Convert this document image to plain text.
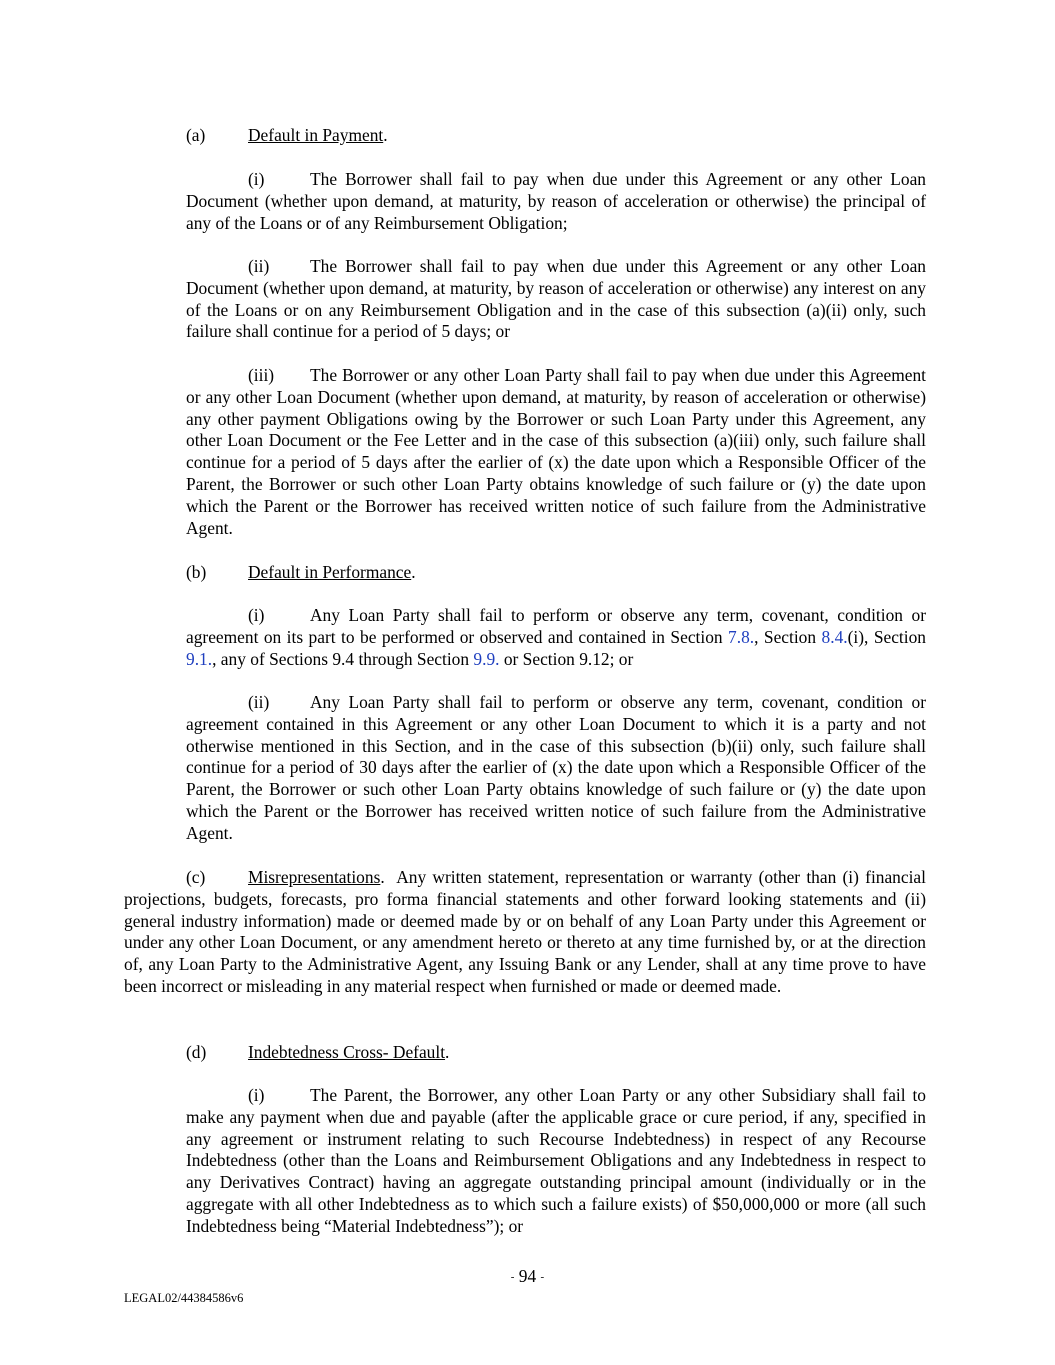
(a) Default in Payment.

(i)	The Borrower shall fail to pay when due under this Agreement or any other Loan Document (whether upon demand, at maturity, by reason of acceleration or otherwise) the principal of any of the Loans or of any Reimbursement Obligation;

(ii) The Borrower shall fail to pay when due under this Agreement or any other Loan Document (whether upon demand, at maturity, by reason of acceleration or otherwise) any interest on any of the Loans or on any Reimbursement Obligation and in the case of this subsection (a)(ii) only, such failure shall continue for a period of 5 days; or

(iii) The Borrower or any other Loan Party shall fail to pay when due under this Agreement or any other Loan Document (whether upon demand, at maturity, by reason of acceleration or otherwise) any other payment Obligations owing by the Borrower or such Loan Party under this Agreement, any other Loan Document or the Fee Letter and in the case of this subsection (a)(iii) only, such failure shall continue for a period of 5 days after the earlier of (x) the date upon which a Responsible Officer of the Parent, the Borrower or such other Loan Party obtains knowledge of such failure or (y) the date upon which the Parent or the Borrower has received written notice of such failure from the Administrative Agent.

(b) Default in Performance.

(i)	Any Loan Party shall fail to perform or observe any term, covenant, condition or agreement on its part to be performed or observed and contained in Section 7.8., Section 8.4.(i), Section 9.1., any of Sections 9.4 through Section 9.9. or Section 9.12; or

(ii) Any Loan Party shall fail to perform or observe any term, covenant, condition or agreement contained in this Agreement or any other Loan Document to which it is a party and not otherwise mentioned in this Section, and in the case of this subsection (b)(ii) only, such failure shall continue for a period of 30 days after the earlier of (x) the date upon which a Responsible Officer of the Parent, the Borrower or such other Loan Party obtains knowledge of such failure or (y) the date upon which the Parent or the Borrower has received written notice of such failure from the Administrative Agent.

(c) Misrepresentations.  Any written statement, representation or warranty (other than (i) financial projections, budgets, forecasts, pro forma financial statements and other forward looking statements and (ii) general industry information) made or deemed made by or on behalf of any Loan Party under this Agreement or under any other Loan Document, or any amendment hereto or thereto at any time furnished by, or at the direction of, any Loan Party to the Administrative Agent, any Issuing Bank or any Lender, shall at any time prove to have been incorrect or misleading in any material respect when furnished or made or deemed made.

(d) Indebtedness Cross- Default.

(i)	The Parent, the Borrower, any other Loan Party or any other Subsidiary shall fail to make any payment when due and payable (after the applicable grace or cure period, if any, specified in any agreement or instrument relating to such Recourse Indebtedness) in respect of any Recourse Indebtedness (other than the Loans and Reimbursement Obligations and any Indebtedness in respect to any Derivatives Contract) having an aggregate outstanding principal amount (individually or in the aggregate with all other Indebtedness as to which such a failure exists) of $50,000,000 or more (all such Indebtedness being “Material Indebtedness”); or

- 94 -
LEGAL02/44384586v6
